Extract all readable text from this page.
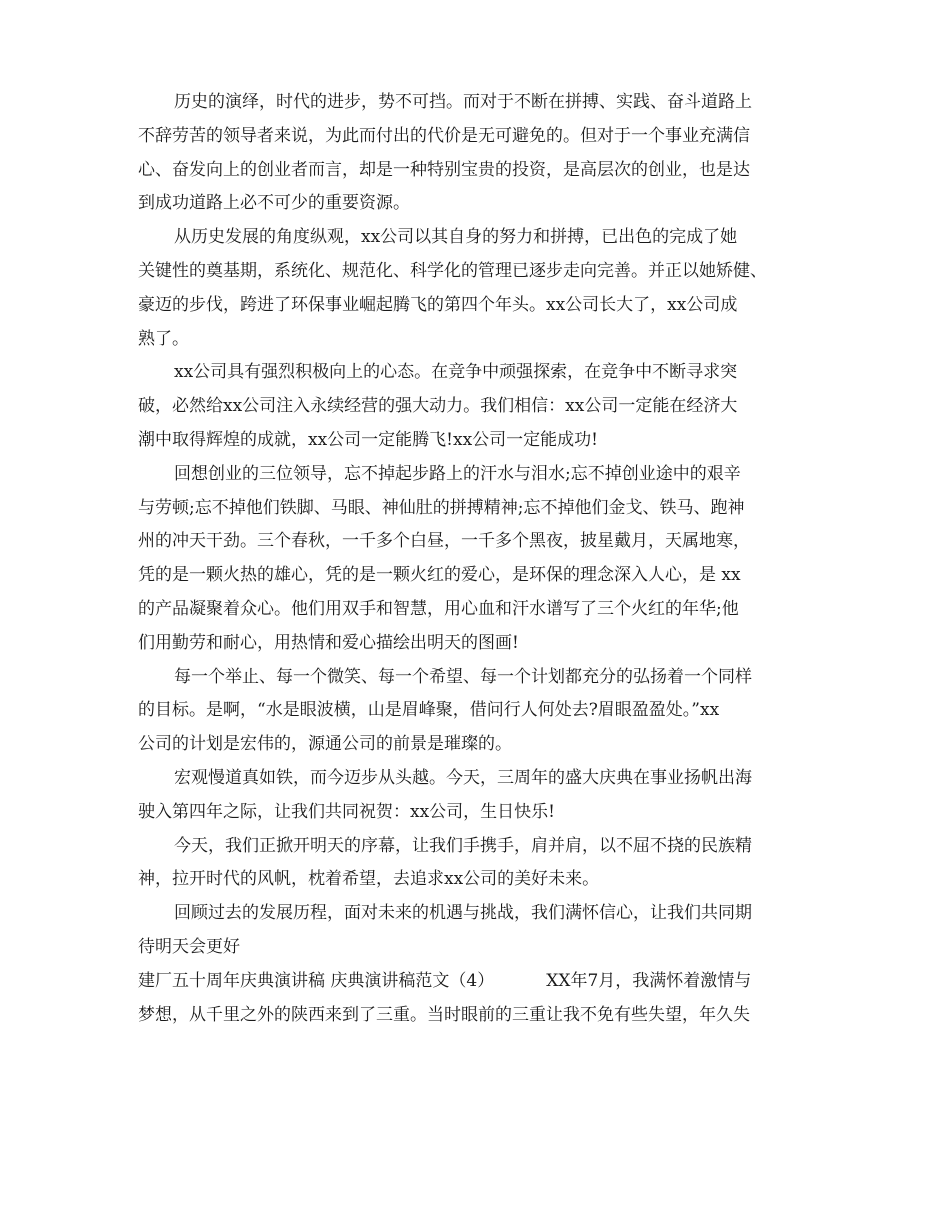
历史的演绎，时代的进步，势不可挡。而对于不断在拼搏、实践、奋斗道路上
不辞劳苦的领导者来说，为此而付出的代价是无可避免的。但对于一个事业充满信
心、奋发向上的创业者而言，却是一种特别宝贵的投资，是高层次的创业，也是达
到成功道路上必不可少的重要资源。
从历史发展的角度纵观，xx公司以其自身的努力和拼搏，已出色的完成了她
关键性的奠基期，系统化、规范化、科学化的管理已逐步走向完善。并正以她矫健、
豪迈的步伐，跨进了环保事业崛起腾飞的第四个年头。xx公司长大了，xx公司成
熟了。
xx公司具有强烈积极向上的心态。在竞争中顽强探索，在竞争中不断寻求突
破，必然给xx公司注入永续经营的强大动力。我们相信：xx公司一定能在经济大
潮中取得辉煌的成就，xx公司一定能腾飞!xx公司一定能成功!
回想创业的三位领导，忘不掉起步路上的汗水与泪水;忘不掉创业途中的艰辛
与劳顿;忘不掉他们铁脚、马眼、神仙肚的拼搏精神;忘不掉他们金戈、铁马、跑神
州的冲天干劲。三个春秋，一千多个白昼，一千多个黑夜，披星戴月，天属地寒，
凭的是一颗火热的雄心，凭的是一颗火红的爱心，是环保的理念深入人心，是 xx
的产品凝聚着众心。他们用双手和智慧，用心血和汗水谱写了三个火红的年华;他
们用勤劳和耐心，用热情和爱心描绘出明天的图画!
每一个举止、每一个微笑、每一个希望、每一个计划都充分的弘扬着一个同样
的目标。是啊，“水是眼波横，山是眉峰聚，借问行人何处去?眉眼盈盈处。”xx
公司的计划是宏伟的，源通公司的前景是璀璨的。
宏观慢道真如铁，而今迈步从头越。今天，三周年的盛大庆典在事业扬帆出海
驶入第四年之际，让我们共同祝贺：xx公司，生日快乐!
今天，我们正掀开明天的序幕，让我们手携手，肩并肩，以不屈不挠的民族精
神，拉开时代的风帆，枕着希望，去追求xx公司的美好未来。
回顾过去的发展历程，面对未来的机遇与挑战，我们满怀信心，让我们共同期
待明天会更好
建厂五十周年庆典演讲稿 庆典演讲稿范文（4）	XX年7月，我满怀着激情与
梦想，从千里之外的陕西来到了三重。当时眼前的三重让我不免有些失望，年久失
